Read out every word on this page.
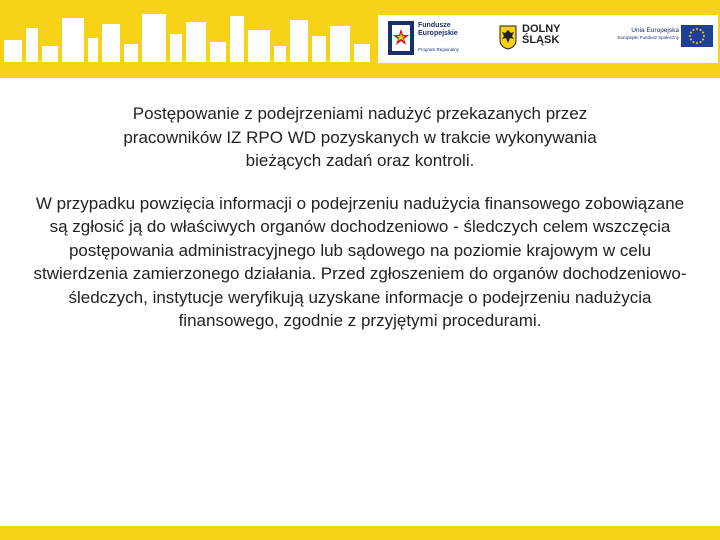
Fundusze
Europejskie
Program Regionalny
DOLNY
ŚLĄSK
Unia Europejska
Europejski Fundusz Społeczny

Postępowanie z podejrzeniami nadużyć przekazanych przez pracowników IZ RPO WD pozyskanych w trakcie wykonywania bieżących zadań oraz kontroli.

W przypadku powzięcia informacji o podejrzeniu nadużycia finansowego zobowiązane są zgłosić ją do właściwych organów dochodzeniowo - śledczych celem wszczęcia postępowania administracyjnego lub sądowego na poziomie krajowym w celu stwierdzenia zamierzonego działania. Przed zgłoszeniem do organów dochodzeniowo-śledczych, instytucje weryfikują uzyskane informacje o podejrzeniu nadużycia finansowego, zgodnie z przyjętymi procedurami.
